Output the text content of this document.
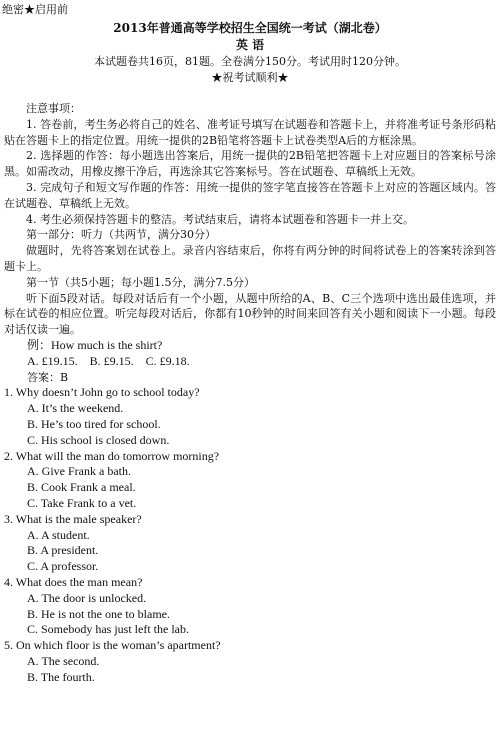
绝密★启用前
2013年普通高等学校招生全国统一考试（湖北卷）
英 语
本试题卷共16页，81题。全卷满分150分。考试用时120分钟。
★祝考试顺利★

注意事项：

1. 答卷前，考生务必将自己的姓名、准考证号填写在试题卷和答题卡上，并将准考证号条形码粘贴在答题卡上的指定位置。用统一提供的2B铅笔将答题卡上试卷类型A后的方框涂黑。

2. 选择题的作答：每小题选出答案后，用统一提供的2B铅笔把答题卡上对应题目的答案标号涂黑。如需改动，用橡皮擦干净后，再选涂其它答案标号。答在试题卷、草稿纸上无效。

3. 完成句子和短文写作题的作答：用统一提供的签字笔直接答在答题卡上对应的答题区域内。答在试题卷、草稿纸上无效。

4. 考生必须保持答题卡的整洁。考试结束后，请将本试题卷和答题卡一并上交。

第一部分：听力（共两节，满分30分）

做题时，先将答案划在试卷上。录音内容结束后，你将有两分钟的时间将试卷上的答案转涂到答题卡上。

第一节（共5小题；每小题1.5分，满分7.5分）

听下面5段对话。每段对话后有一个小题，从题中所给的A、B、C三个选项中选出最佳选项，并标在试卷的相应位置。听完每段对话后，你都有10秒钟的时间来回答有关小题和阅读下一小题。每段对话仅读一遍。

例：How much is the shirt?

A. £19.15.    B. £9.15.    C. £9.18.

答案：B

1. Why doesn’t John go to school today?

A. It’s the weekend.

B. He’s too tired for school.

C. His school is closed down.

2. What will the man do tomorrow morning?

A. Give Frank a bath.

B. Cook Frank a meal.

C. Take Frank to a vet.

3. What is the male speaker?

A. A student.

B. A president.

C. A professor.

4. What does the man mean?

A. The door is unlocked.

B. He is not the one to blame.

C. Somebody has just left the lab.

5. On which floor is the woman’s apartment?

A. The second.

B. The fourth.
